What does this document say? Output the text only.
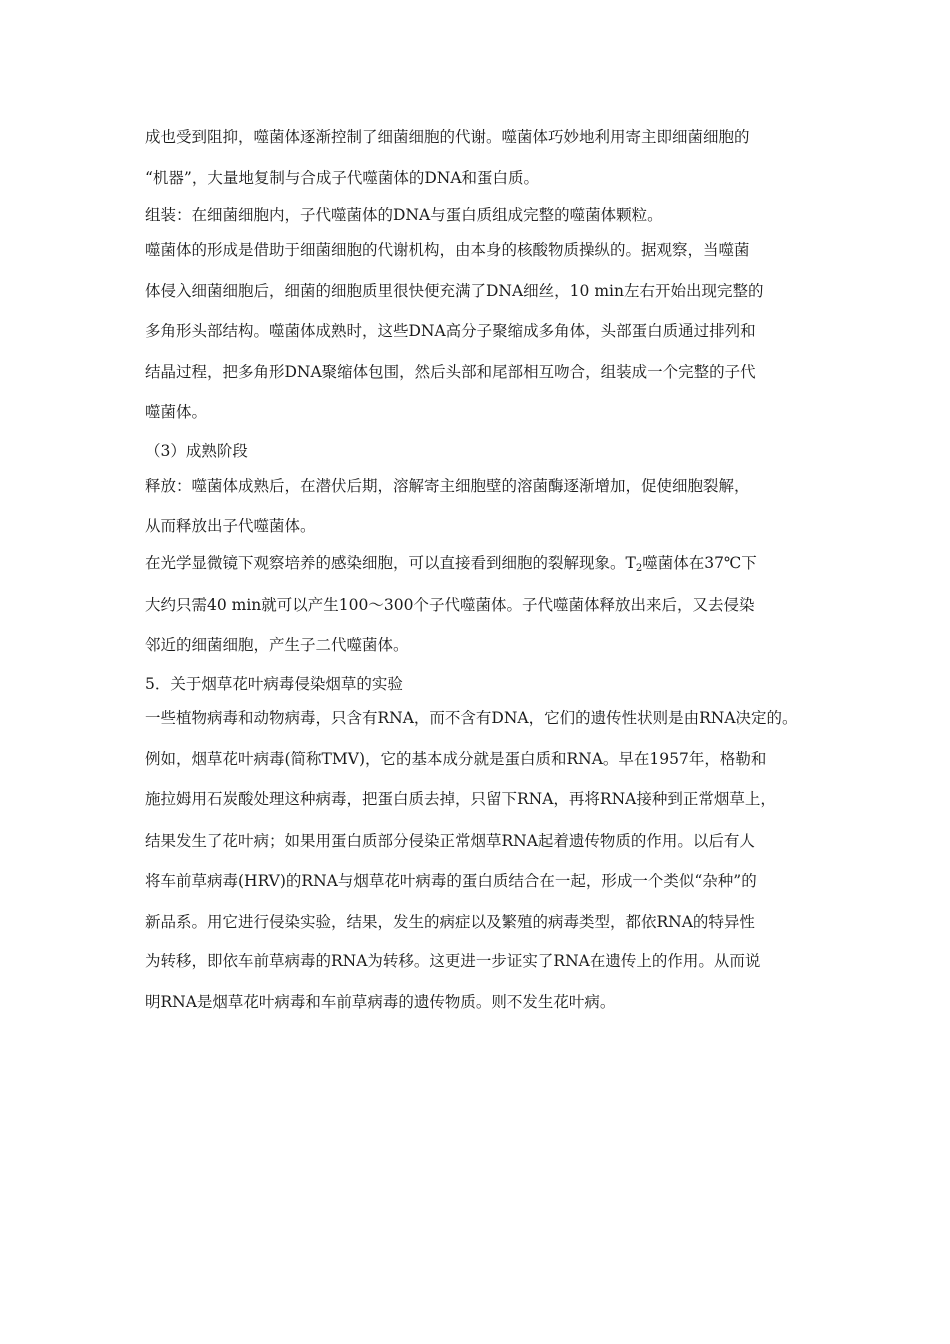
成也受到阻抑，噬菌体逐渐控制了细菌细胞的代谢。噬菌体巧妙地利用寄主即细菌细胞的
“机器”，大量地复制与合成子代噬菌体的DNA和蛋白质。
组装：在细菌细胞内，子代噬菌体的DNA与蛋白质组成完整的噬菌体颗粒。
噬菌体的形成是借助于细菌细胞的代谢机构，由本身的核酸物质操纵的。据观察，当噬菌
体侵入细菌细胞后，细菌的细胞质里很快便充满了DNA细丝，10 min左右开始出现完整的
多角形头部结构。噬菌体成熟时，这些DNA高分子聚缩成多角体，头部蛋白质通过排列和
结晶过程，把多角形DNA聚缩体包围，然后头部和尾部相互吻合，组装成一个完整的子代
噬菌体。
（3）成熟阶段
释放：噬菌体成熟后，在潜伏后期，溶解寄主细胞壁的溶菌酶逐渐增加，促使细胞裂解，
从而释放出子代噬菌体。
在光学显微镜下观察培养的感染细胞，可以直接看到细胞的裂解现象。$T_2$噬菌体在37℃下
大约只需40 min就可以产生100～300个子代噬菌体。子代噬菌体释放出来后，又去侵染
邻近的细菌细胞，产生子二代噬菌体。
5．关于烟草花叶病毒侵染烟草的实验
一些植物病毒和动物病毒，只含有RNA，而不含有DNA，它们的遗传性状则是由RNA决定的。
例如，烟草花叶病毒(简称TMV)，它的基本成分就是蛋白质和RNA。早在1957年，格勒和
施拉姆用石炭酸处理这种病毒，把蛋白质去掉，只留下RNA，再将RNA接种到正常烟草上，
结果发生了花叶病；如果用蛋白质部分侵染正常烟草RNA起着遗传物质的作用。以后有人
将车前草病毒(HRV)的RNA与烟草花叶病毒的蛋白质结合在一起，形成一个类似“杂种”的
新品系。用它进行侵染实验，结果，发生的病症以及繁殖的病毒类型，都依RNA的特异性
为转移，即依车前草病毒的RNA为转移。这更进一步证实了RNA在遗传上的作用。从而说
明RNA是烟草花叶病毒和车前草病毒的遗传物质。则不发生花叶病。
